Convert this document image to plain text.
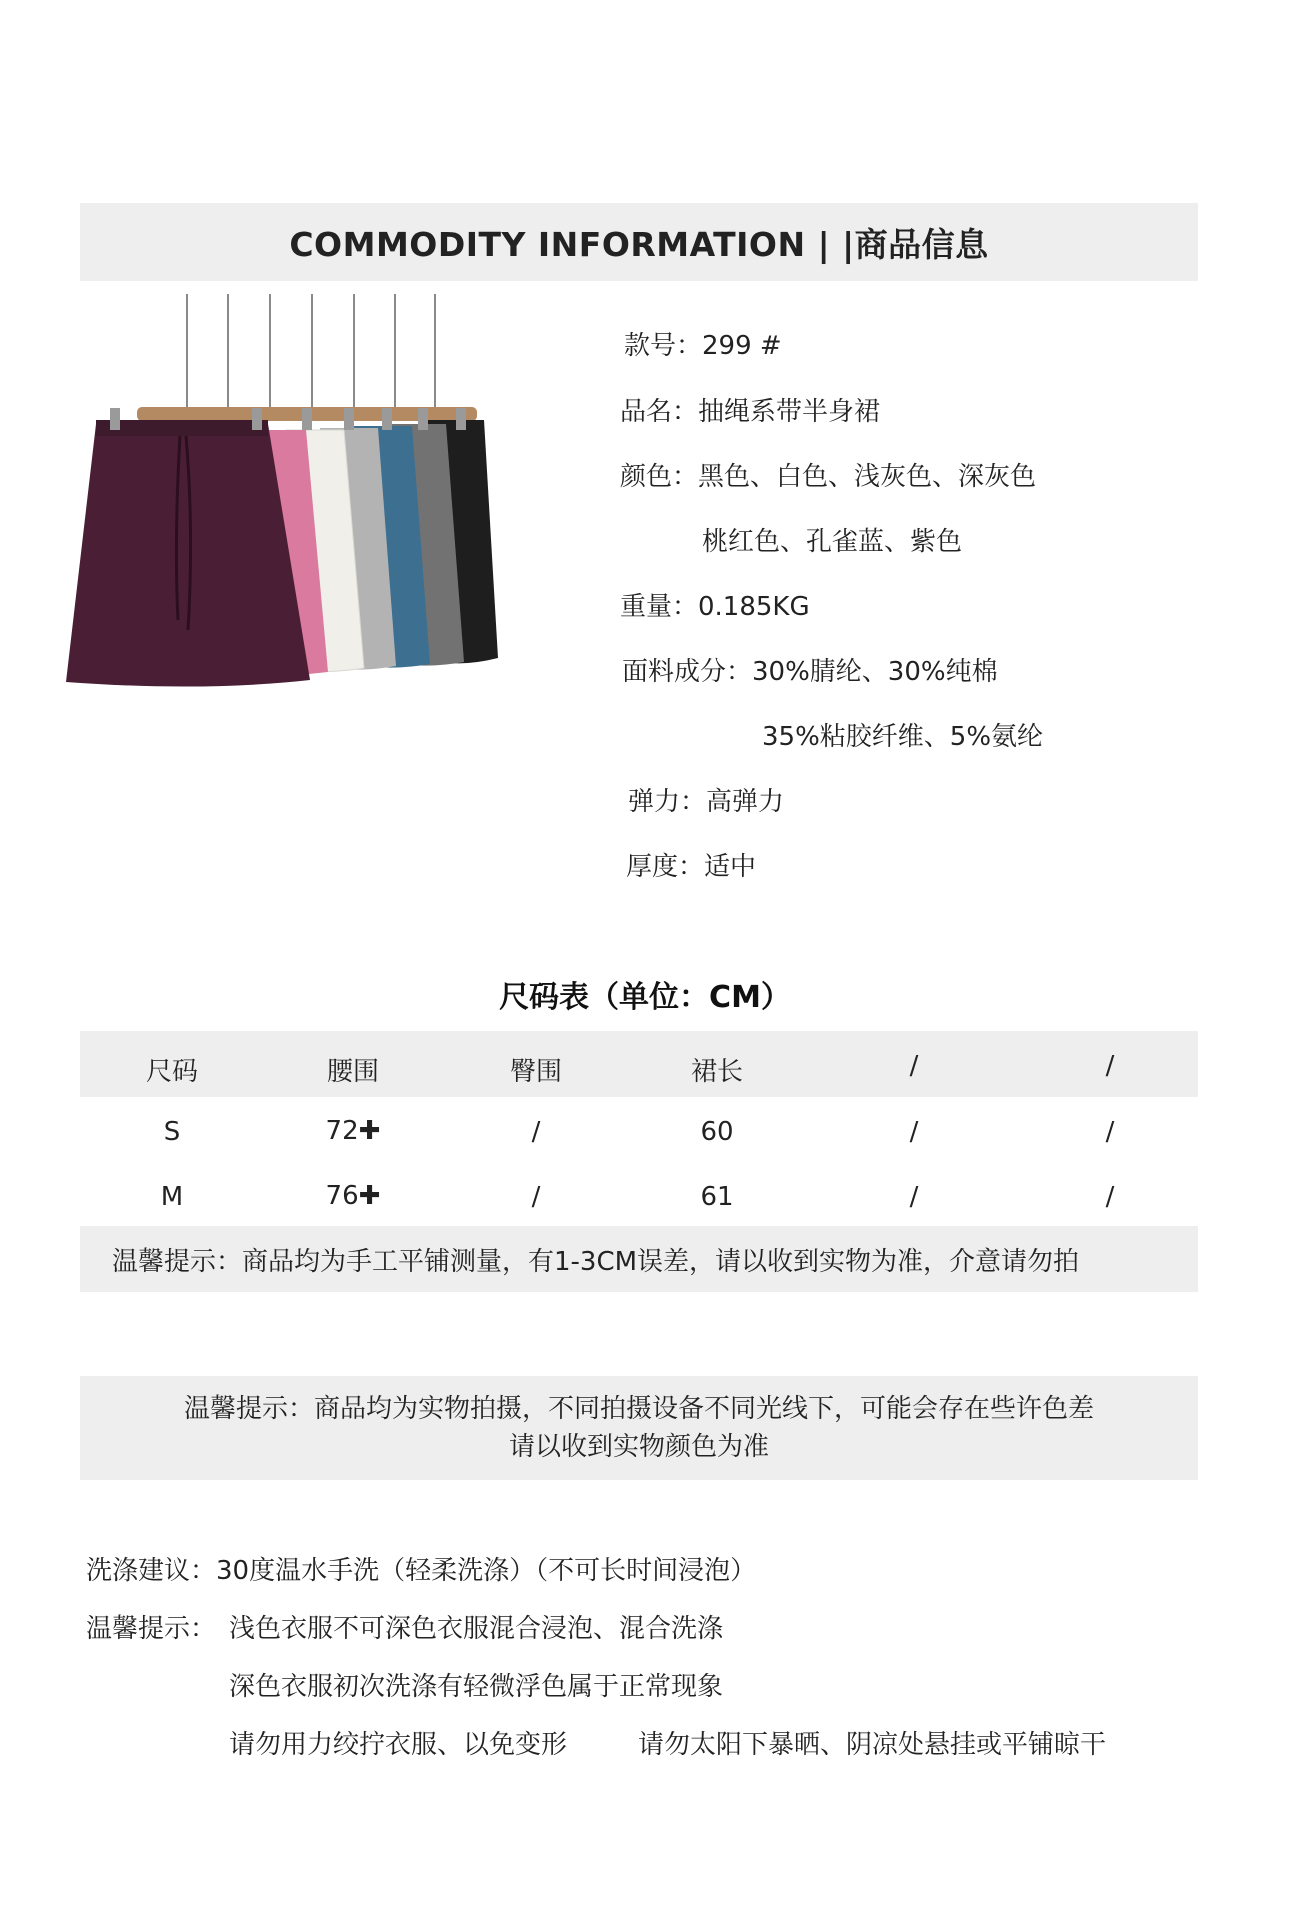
COMMODITY INFORMATION | |商品信息
款号：299 #
品名：抽绳系带半身裙
颜色：黑色、白色、浅灰色、深灰色
桃红色、孔雀蓝、紫色
重量：0.185KG
面料成分：30%腈纶、30%纯棉
35%粘胶纤维、5%氨纶
弹力：高弹力
厚度：适中
尺码表（单位：CM）
尺码	腰围	臀围	裙长	/	/
S	72✚	/	60	/	/
M	76✚	/	61	/	/
温馨提示：商品均为手工平铺测量，有1-3CM误差，请以收到实物为准，介意请勿拍
温馨提示：商品均为实物拍摄，不同拍摄设备不同光线下，可能会存在些许色差
请以收到实物颜色为准
洗涤建议：30度温水手洗（轻柔洗涤）（不可长时间浸泡）
温馨提示： 浅色衣服不可深色衣服混合浸泡、混合洗涤
深色衣服初次洗涤有轻微浮色属于正常现象
请勿用力绞拧衣服、以免变形	请勿太阳下暴晒、阴凉处悬挂或平铺晾干
